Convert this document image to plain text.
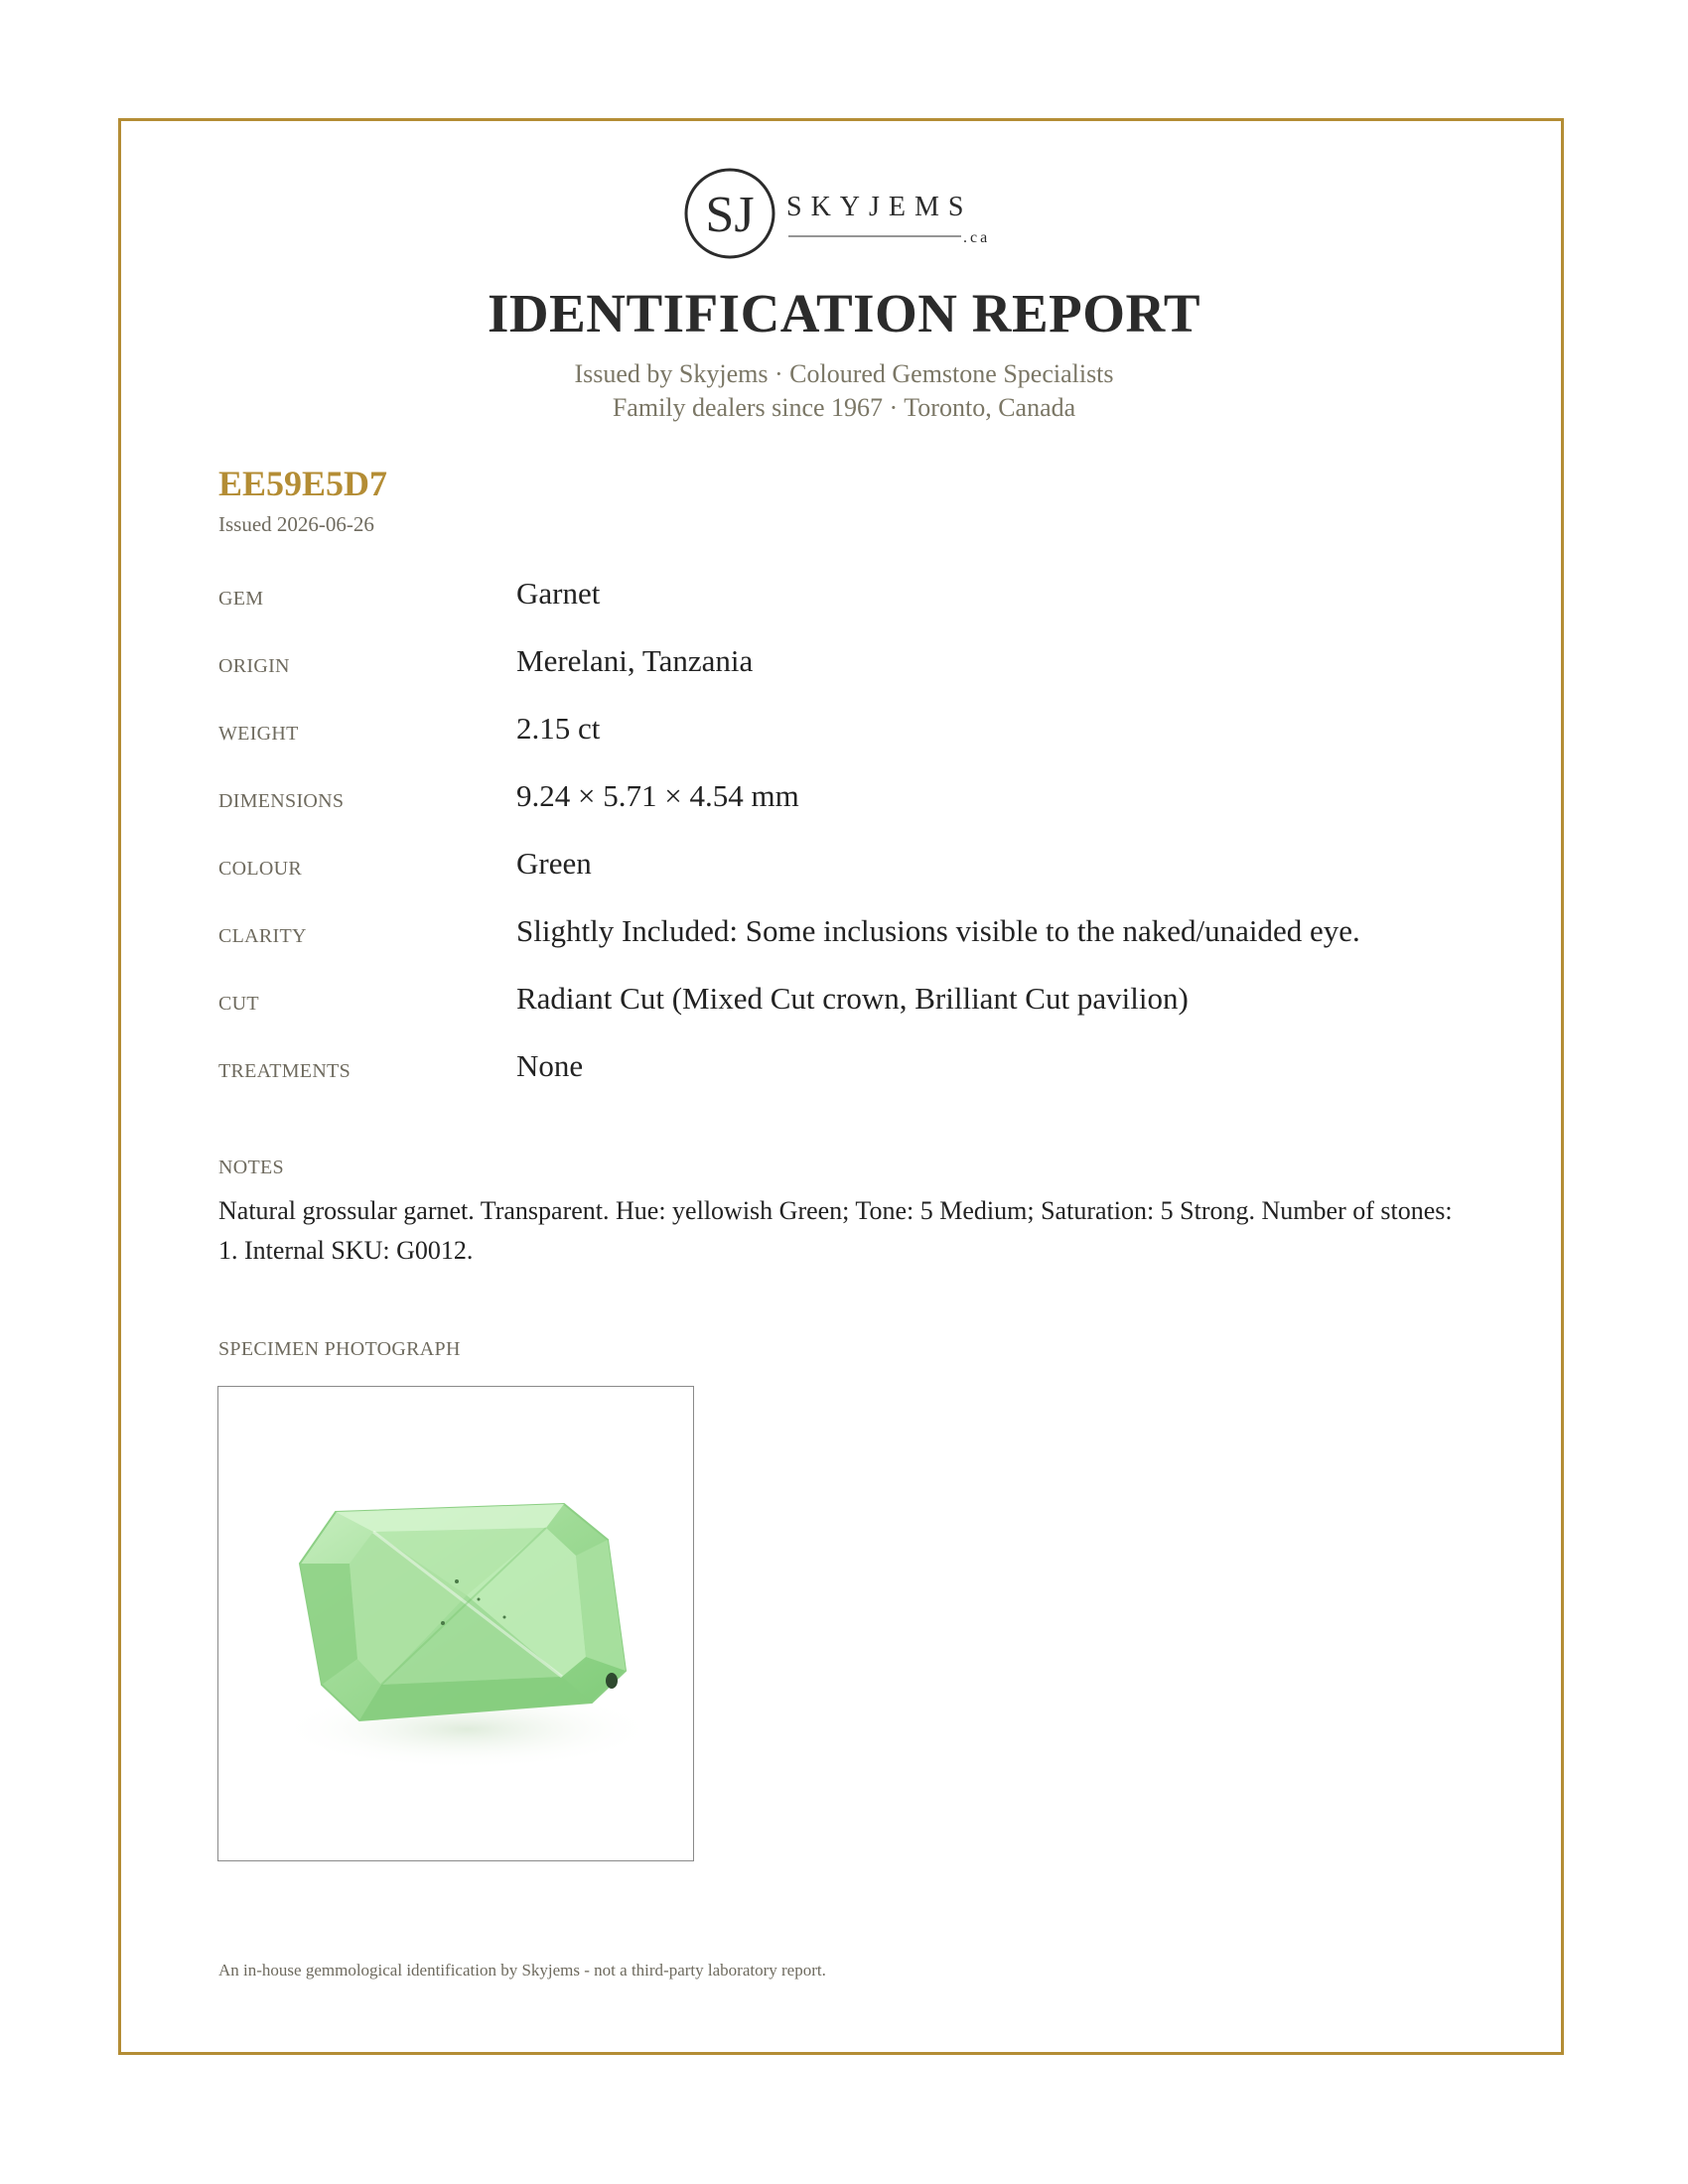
SJ SKYJEMS
.ca
IDENTIFICATION REPORT
Issued by Skyjems · Coloured Gemstone Specialists
Family dealers since 1967 · Toronto, Canada
EE59E5D7
Issued 2026-06-26
GEM	Garnet
ORIGIN	Merelani, Tanzania
WEIGHT	2.15 ct
DIMENSIONS	9.24 × 5.71 × 4.54 mm
COLOUR	Green
CLARITY	Slightly Included: Some inclusions visible to the naked/unaided eye.
CUT	Radiant Cut (Mixed Cut crown, Brilliant Cut pavilion)
TREATMENTS	None
NOTES
Natural grossular garnet. Transparent. Hue: yellowish Green; Tone: 5 Medium; Saturation: 5 Strong. Number of stones: 1. Internal SKU: G0012.
SPECIMEN PHOTOGRAPH
An in-house gemmological identification by Skyjems - not a third-party laboratory report.
